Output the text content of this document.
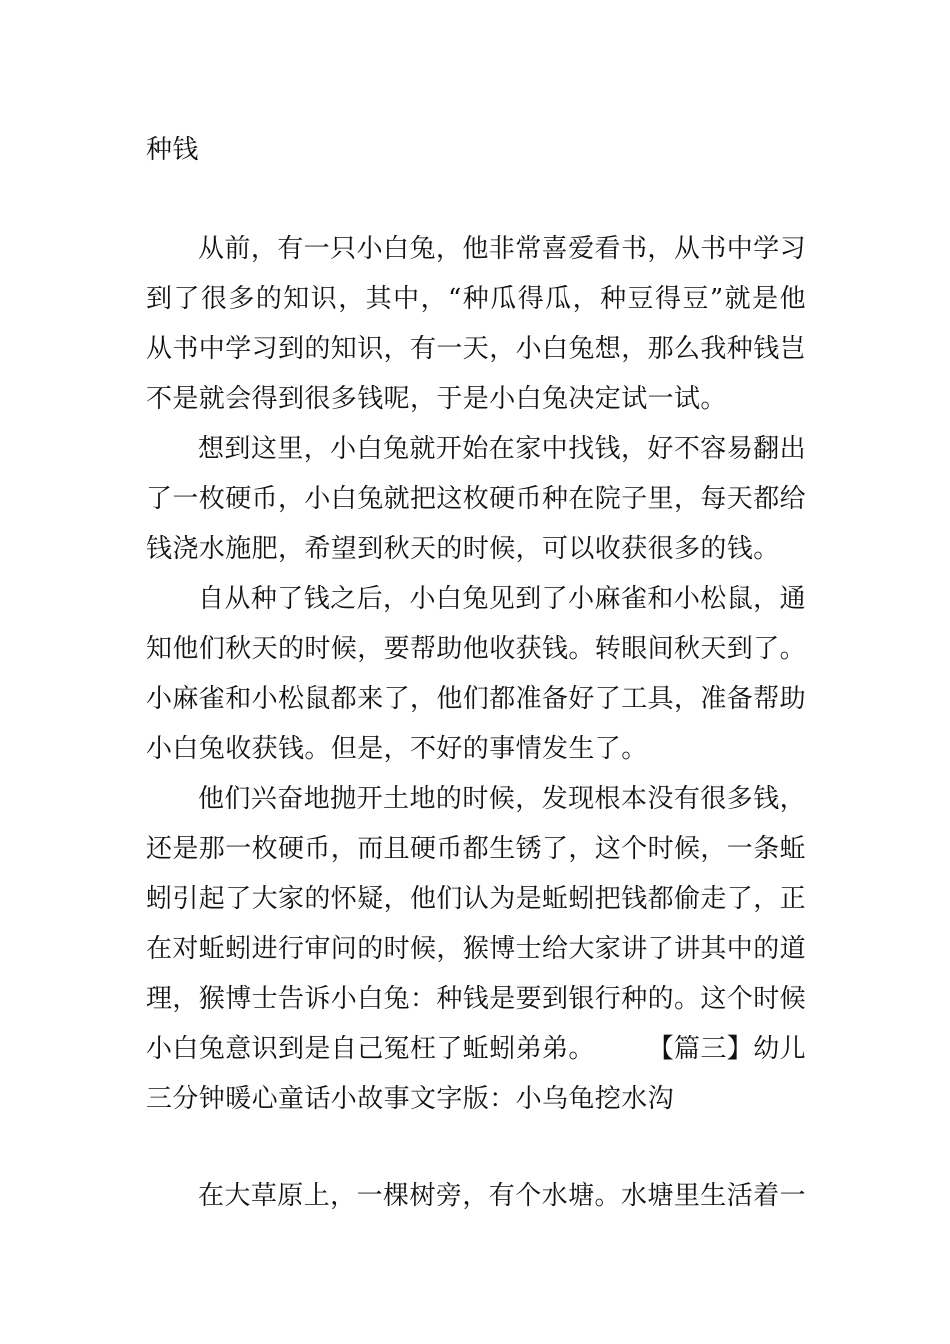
种钱
从前，有一只小白兔，他非常喜爱看书，从书中学习
到了很多的知识，其中，“种瓜得瓜，种豆得豆”就是他
从书中学习到的知识，有一天，小白兔想，那么我种钱岂
不是就会得到很多钱呢，于是小白兔决定试一试。
想到这里，小白兔就开始在家中找钱，好不容易翻出
了一枚硬币，小白兔就把这枚硬币种在院子里，每天都给
钱浇水施肥，希望到秋天的时候，可以收获很多的钱。
自从种了钱之后，小白兔见到了小麻雀和小松鼠，通
知他们秋天的时候，要帮助他收获钱。转眼间秋天到了。
小麻雀和小松鼠都来了，他们都准备好了工具，准备帮助
小白兔收获钱。但是，不好的事情发生了。
他们兴奋地抛开土地的时候，发现根本没有很多钱，
还是那一枚硬币，而且硬币都生锈了，这个时候，一条蚯
蚓引起了大家的怀疑，他们认为是蚯蚓把钱都偷走了，正
在对蚯蚓进行审问的时候，猴博士给大家讲了讲其中的道
理，猴博士告诉小白兔：种钱是要到银行种的。这个时候
小白兔意识到是自己冤枉了蚯蚓弟弟。 【篇三】幼儿
三分钟暖心童话小故事文字版：小乌龟挖水沟
在大草原上，一棵树旁，有个水塘。水塘里生活着一
